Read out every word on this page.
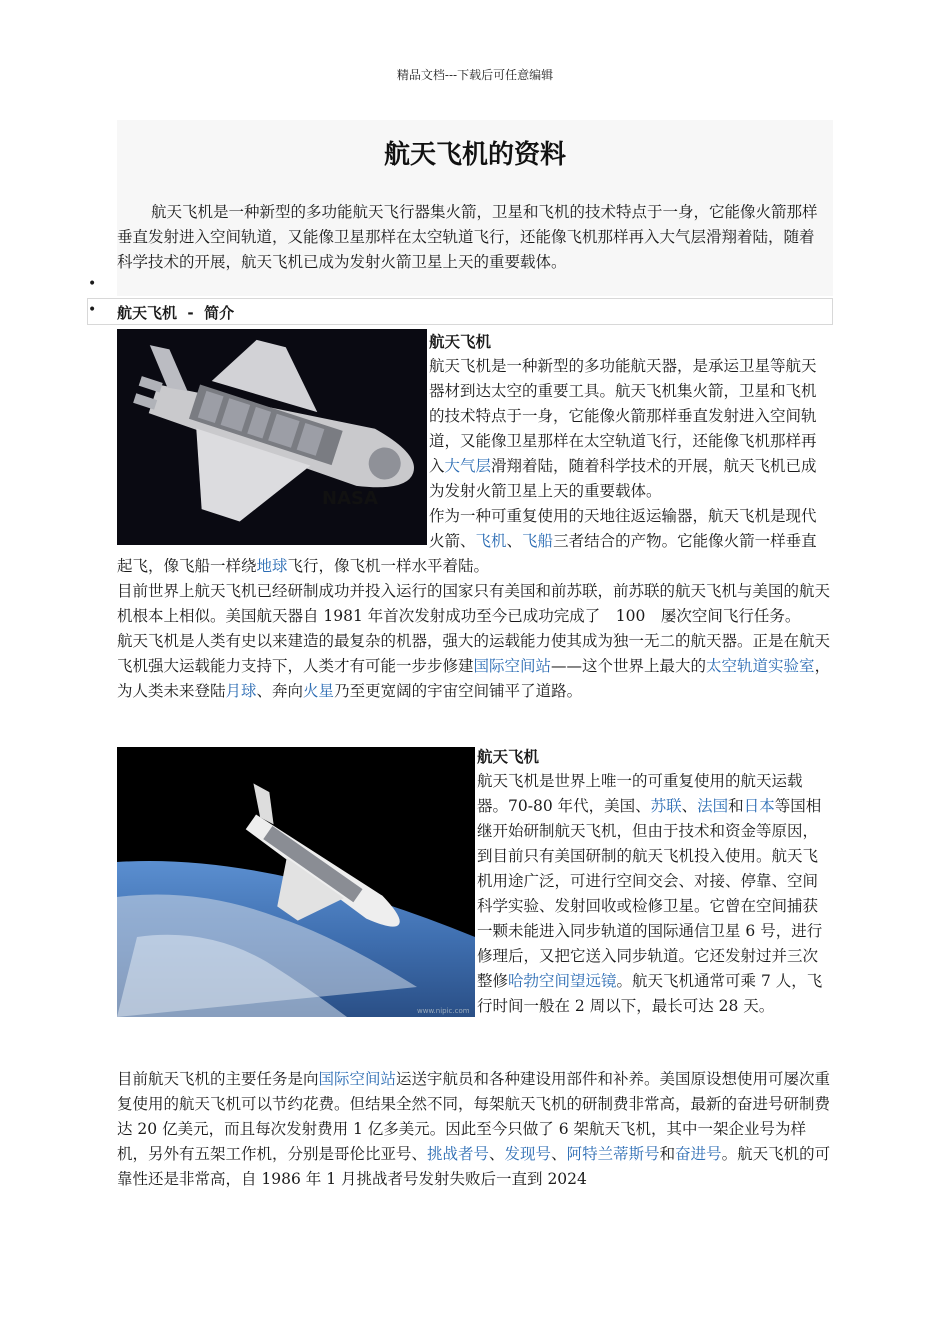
精品文档---下载后可任意编辑
航天飞机的资料

航天飞机是一种新型的多功能航天飞行器集火箭，卫星和飞机的技术特点于一身，它能像火箭那样垂直发射进入空间轨道，又能像卫星那样在太空轨道飞行，还能像飞机那样再入大气层滑翔着陆，随着科学技术的开展，航天飞机已成为发射火箭卫星上天的重要载体。

•
• 航天飞机 - 简介
NASA
航天飞机

航天飞机是一种新型的多功能航天器，是承运卫星等航天器材到达太空的重要工具。航天飞机集火箭，卫星和飞机的技术特点于一身，它能像火箭那样垂直发射进入空间轨道，又能像卫星那样在太空轨道飞行，还能像飞机那样再入大气层滑翔着陆，随着科学技术的开展，航天飞机已成为发射火箭卫星上天的重要载体。

作为一种可重复使用的天地往返运输器，航天飞机是现代火箭、飞机、飞船三者结合的产物。它能像火箭一样垂直起飞，像飞船一样绕地球飞行，像飞机一样水平着陆。

目前世界上航天飞机已经研制成功并投入运行的国家只有美国和前苏联，前苏联的航天飞机与美国的航天机根本上相似。美国航天器自 1981 年首次发射成功至今已成功完成了　100　屡次空间飞行任务。

航天飞机是人类有史以来建造的最复杂的机器，强大的运载能力使其成为独一无二的航天器。正是在航天飞机强大运载能力支持下，人类才有可能一步步修建国际空间站——这个世界上最大的太空轨道实验室，为人类未来登陆月球、奔向火星乃至更宽阔的宇宙空间铺平了道路。

www.nipic.com
航天飞机

航天飞机是世界上唯一的可重复使用的航天运载器。70-80 年代，美国、苏联、法国和日本等国相继开始研制航天飞机，但由于技术和资金等原因，到目前只有美国研制的航天飞机投入使用。航天飞机用途广泛，可进行空间交会、对接、停靠、空间科学实验、发射回收或检修卫星。它曾在空间捕获一颗未能进入同步轨道的国际通信卫星 6 号，进行修理后，又把它送入同步轨道。它还发射过并三次整修哈勃空间望远镜。航天飞机通常可乘 7 人，飞行时间一般在 2 周以下，最长可达 28 天。

目前航天飞机的主要任务是向国际空间站运送宇航员和各种建设用部件和补养。美国原设想使用可屡次重复使用的航天飞机可以节约花费。但结果全然不同，每架航天飞机的研制费非常高，最新的奋进号研制费达 20 亿美元，而且每次发射费用 1 亿多美元。因此至今只做了 6 架航天飞机，其中一架企业号为样机，另外有五架工作机，分别是哥伦比亚号、挑战者号、发现号、阿特兰蒂斯号和奋进号。航天飞机的可靠性还是非常高，自 1986 年 1 月挑战者号发射失败后一直到 2024
